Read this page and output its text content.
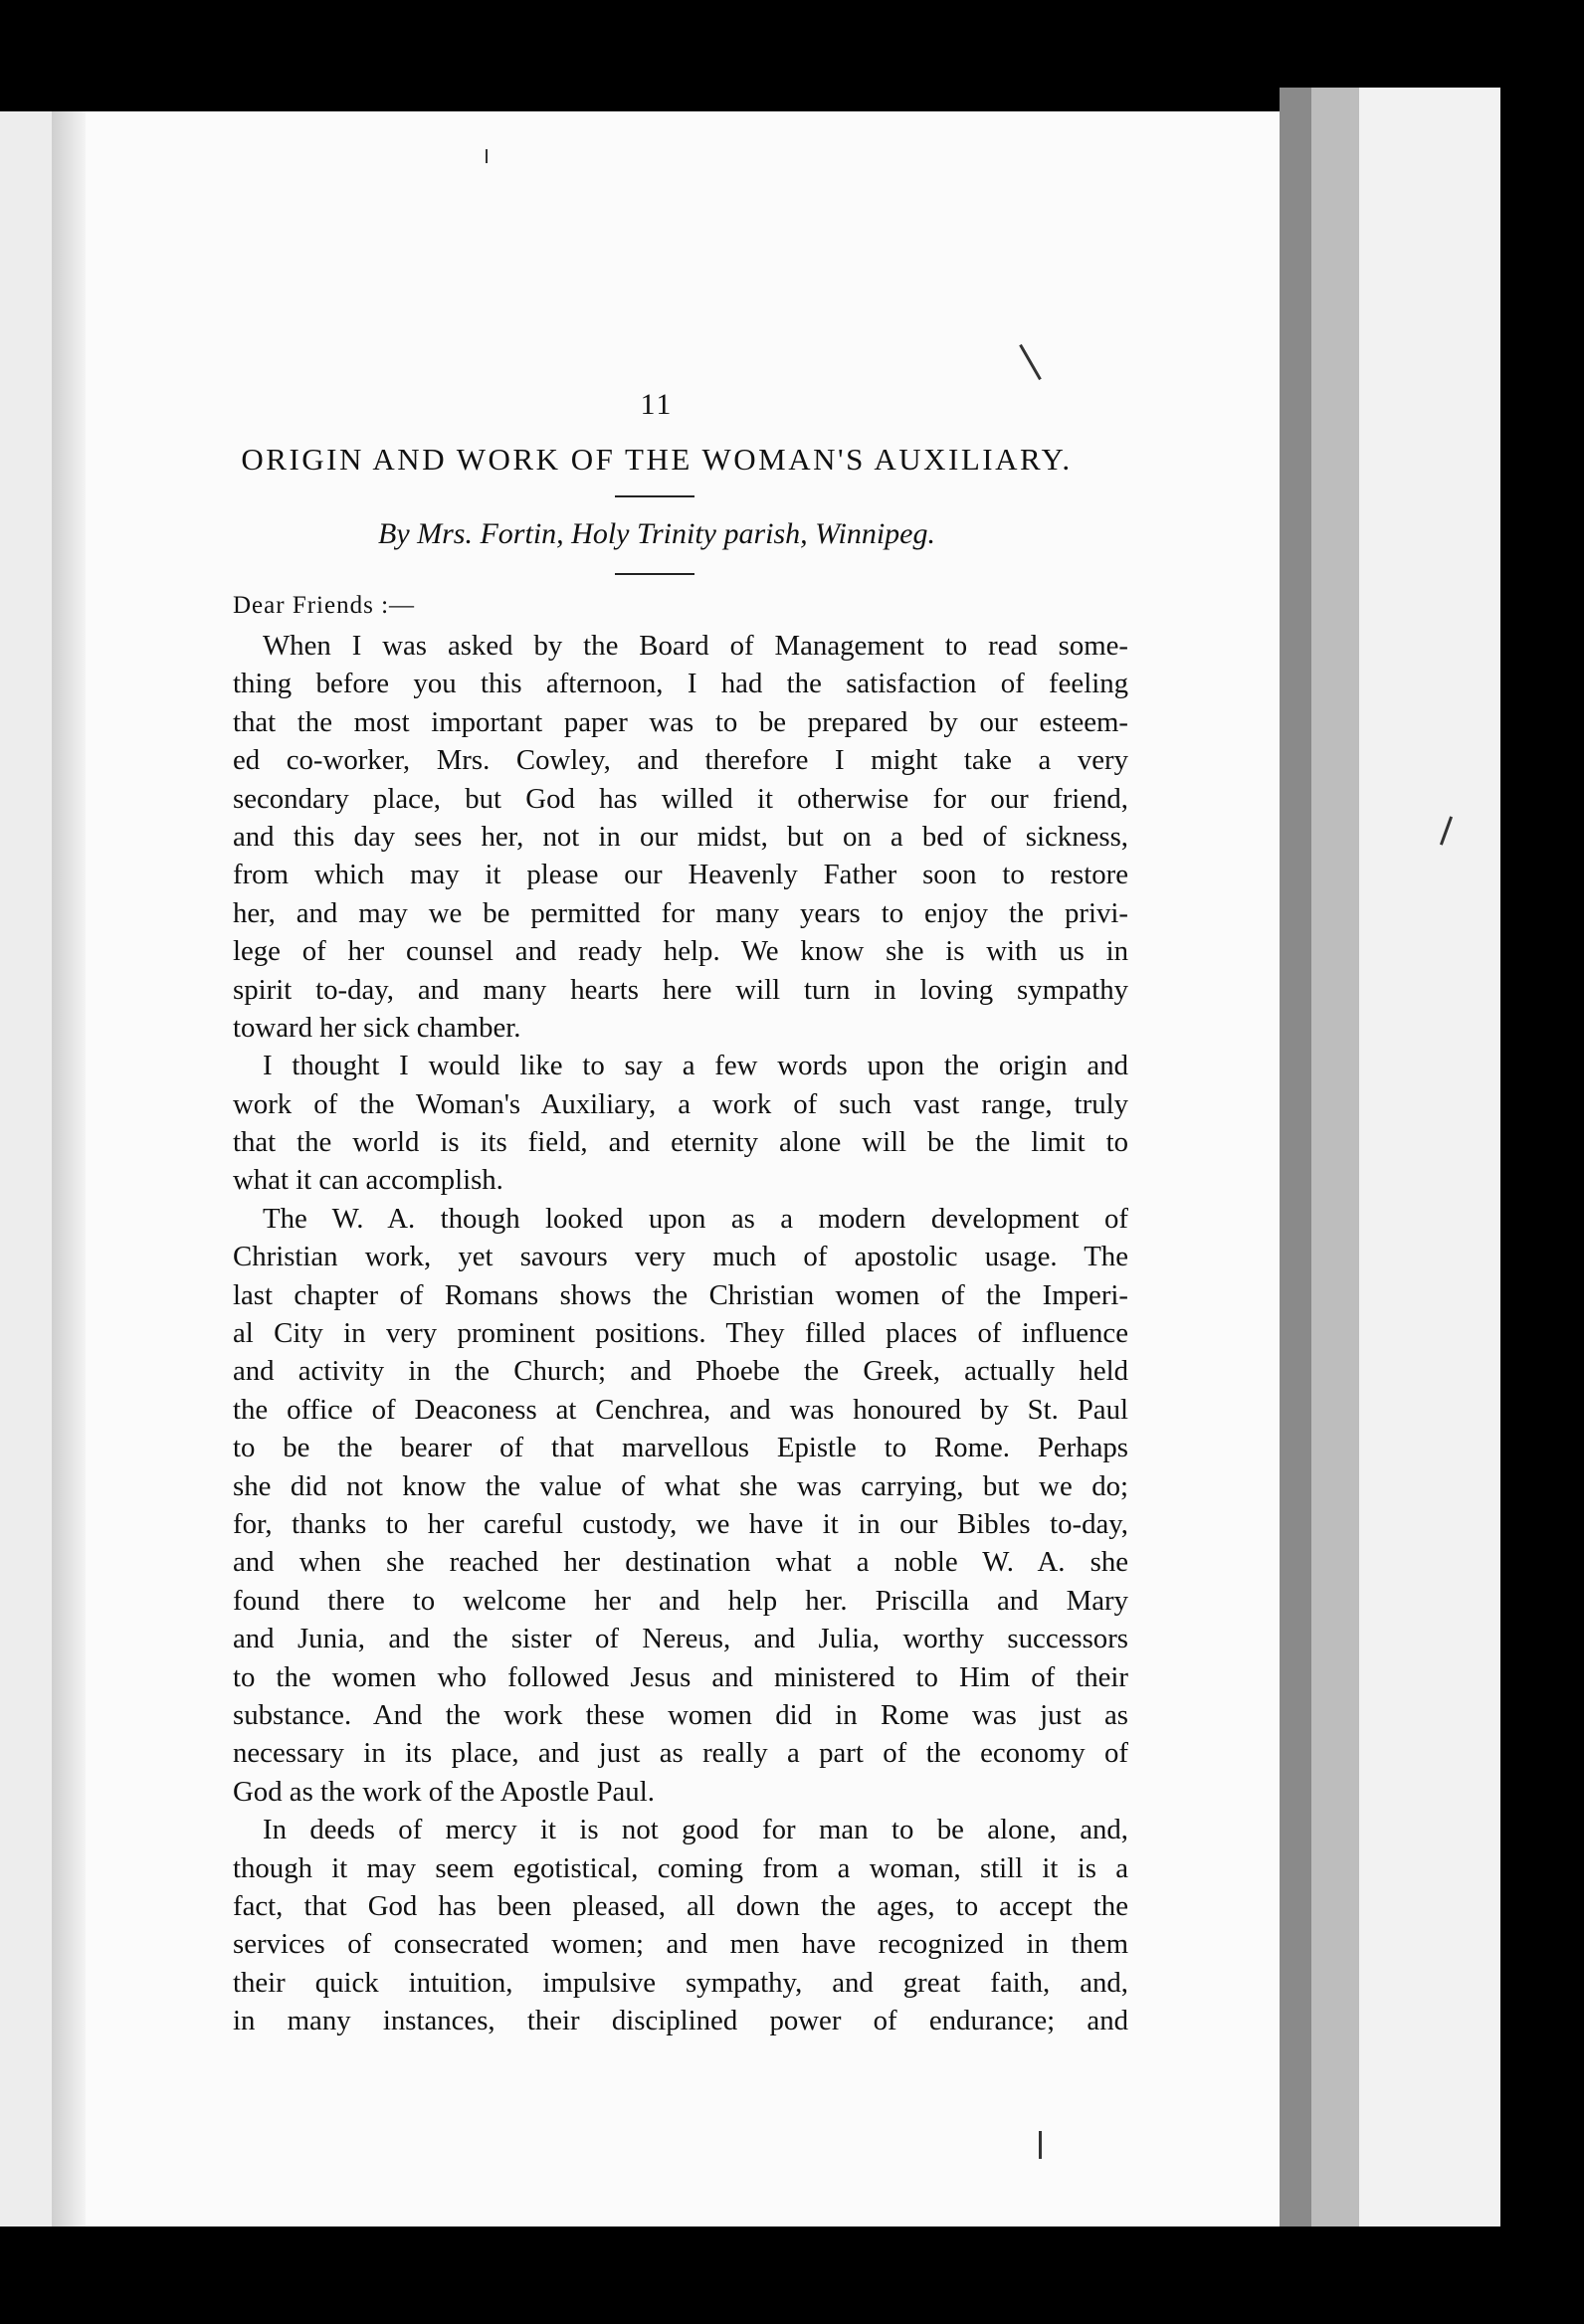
11
ORIGIN AND WORK OF THE WOMAN'S AUXILIARY.
By Mrs. Fortin, Holy Trinity parish, Winnipeg.
Dear Friends :—
When I was asked by the Board of Management to read some-
thing before you this afternoon, I had the satisfaction of feeling
that the most important paper was to be prepared by our esteem-
ed co-worker, Mrs. Cowley, and therefore I might take a very
secondary place, but God has willed it otherwise for our friend,
and this day sees her, not in our midst, but on a bed of sickness,
from which may it please our Heavenly Father soon to restore
her, and may we be permitted for many years to enjoy the privi-
lege of her counsel and ready help. We know she is with us in
spirit to-day, and many hearts here will turn in loving sympathy
toward her sick chamber.
I thought I would like to say a few words upon the origin and
work of the Woman's Auxiliary, a work of such vast range, truly
that the world is its field, and eternity alone will be the limit to
what it can accomplish.
The W. A. though looked upon as a modern development of
Christian work, yet savours very much of apostolic usage. The
last chapter of Romans shows the Christian women of the Imperi-
al City in very prominent positions. They filled places of influence
and activity in the Church; and Phoebe the Greek, actually held
the office of Deaconess at Cenchrea, and was honoured by St. Paul
to be the bearer of that marvellous Epistle to Rome. Perhaps
she did not know the value of what she was carrying, but we do;
for, thanks to her careful custody, we have it in our Bibles to-day,
and when she reached her destination what a noble W. A. she
found there to welcome her and help her. Priscilla and Mary
and Junia, and the sister of Nereus, and Julia, worthy successors
to the women who followed Jesus and ministered to Him of their
substance. And the work these women did in Rome was just as
necessary in its place, and just as really a part of the economy of
God as the work of the Apostle Paul.
In deeds of mercy it is not good for man to be alone, and,
though it may seem egotistical, coming from a woman, still it is a
fact, that God has been pleased, all down the ages, to accept the
services of consecrated women; and men have recognized in them
their quick intuition, impulsive sympathy, and great faith, and,
in many instances, their disciplined power of endurance; and
